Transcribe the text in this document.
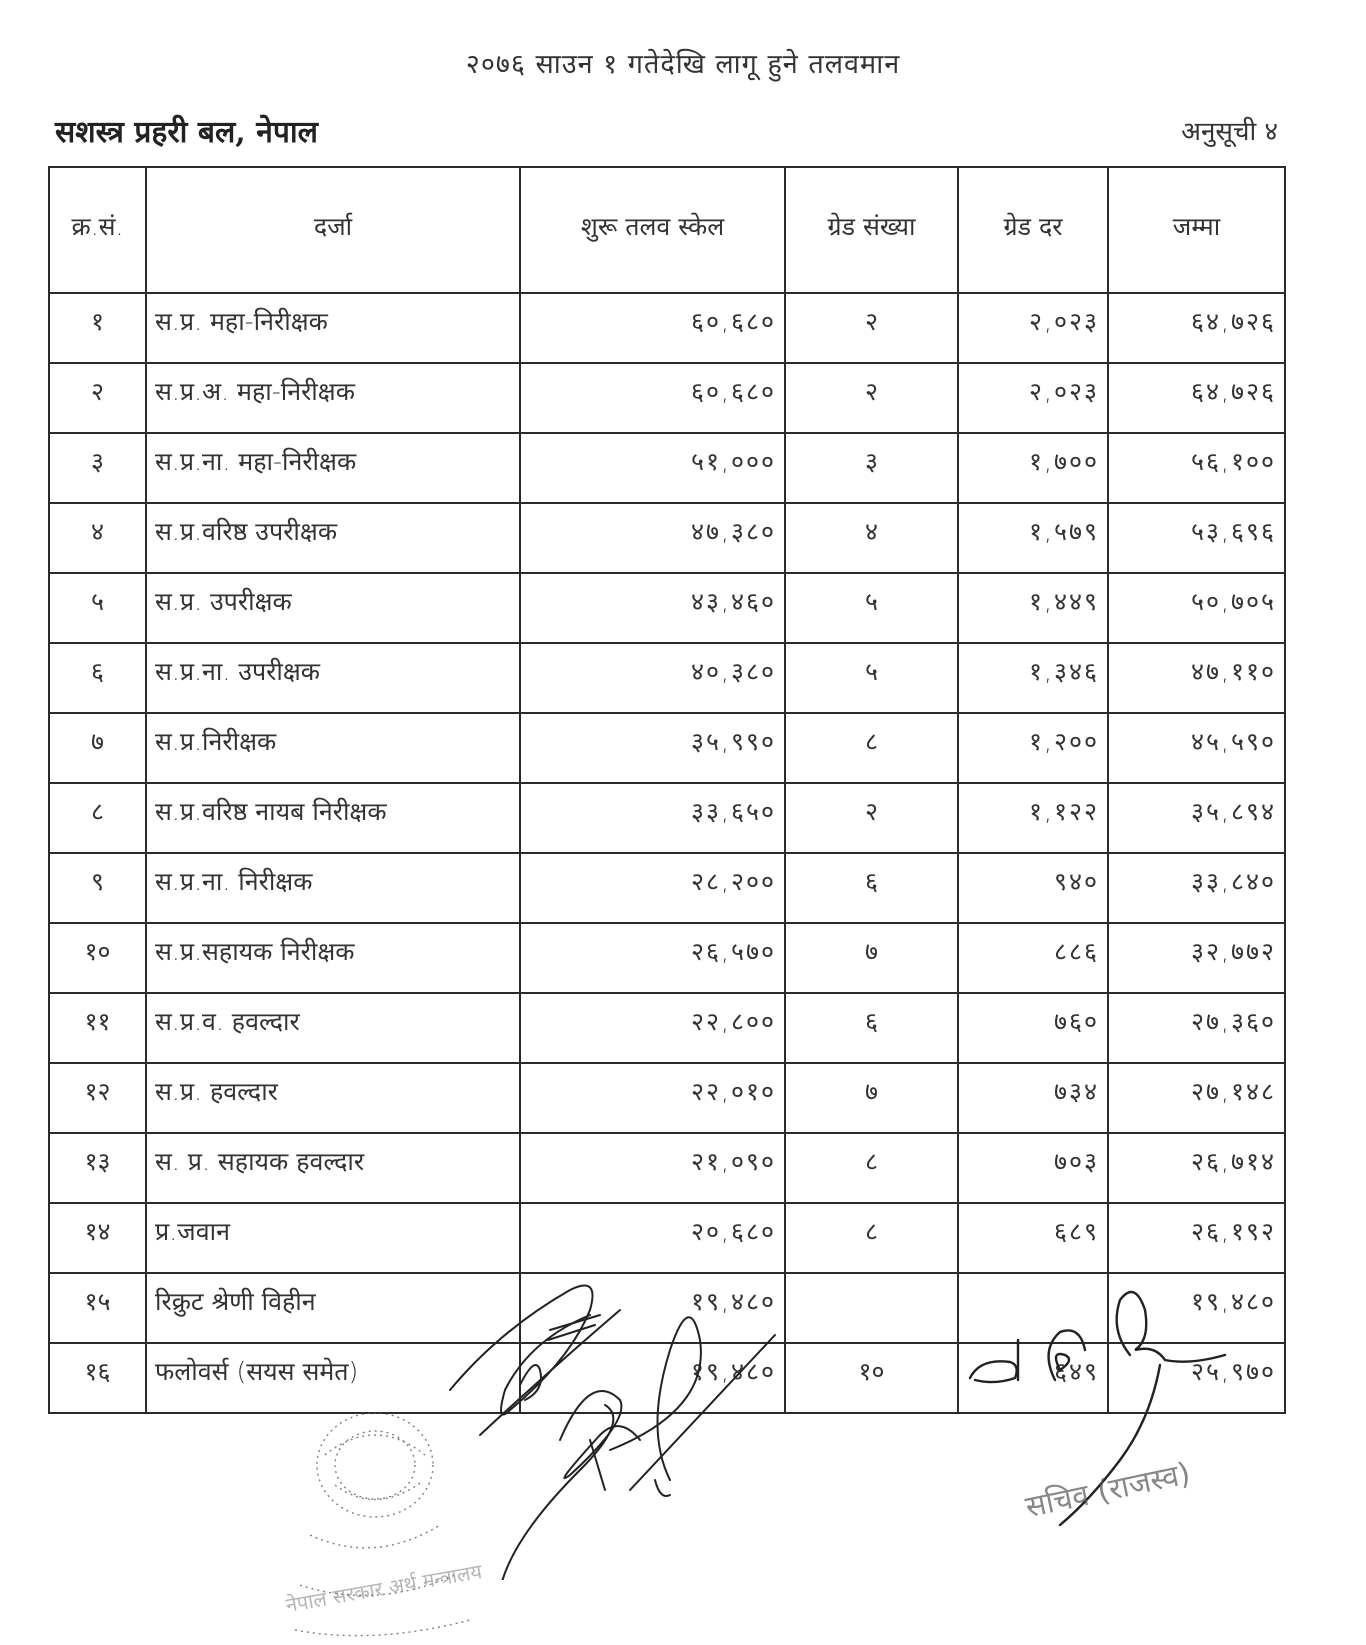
२०७६ साउन १ गतेदेखि लागू हुने तलवमान
सशस्त्र प्रहरी बल, नेपाल	अनुसूची ४
क्र.सं.	दर्जा	शुरू तलव स्केल	ग्रेड संख्या	ग्रेड दर	जम्मा
१	स.प्र. महा-निरीक्षक	६०,६८०	२	२,०२३	६४,७२६
२	स.प्र.अ. महा-निरीक्षक	६०,६८०	२	२,०२३	६४,७२६
३	स.प्र.ना. महा-निरीक्षक	५१,०००	३	१,७००	५६,१००
४	स.प्र.वरिष्ठ उपरीक्षक	४७,३८०	४	१,५७९	५३,६९६
५	स.प्र. उपरीक्षक	४३,४६०	५	१,४४९	५०,७०५
६	स.प्र.ना. उपरीक्षक	४०,३८०	५	१,३४६	४७,११०
७	स.प्र.निरीक्षक	३५,९९०	८	१,२००	४५,५९०
८	स.प्र.वरिष्ठ नायब निरीक्षक	३३,६५०	२	१,१२२	३५,८९४
९	स.प्र.ना. निरीक्षक	२८,२००	६	९४०	३३,८४०
१०	स.प्र.सहायक निरीक्षक	२६,५७०	७	८८६	३२,७७२
११	स.प्र.व. हवल्दार	२२,८००	६	७६०	२७,३६०
१२	स.प्र. हवल्दार	२२,०१०	७	७३४	२७,१४८
१३	स. प्र. सहायक हवल्दार	२१,०९०	८	७०३	२६,७१४
१४	प्र.जवान	२०,६८०	८	६८९	२६,१९२
१५	रिक्रुट श्रेणी विहीन	१९,४८०			१९,४८०
१६	फलोवर्स (सयस समेत)	१९,४८०	१०	६४९	२५,९७०
नेपाल सरकार अर्थ मन्त्रालय
सचिव (राजस्व)
